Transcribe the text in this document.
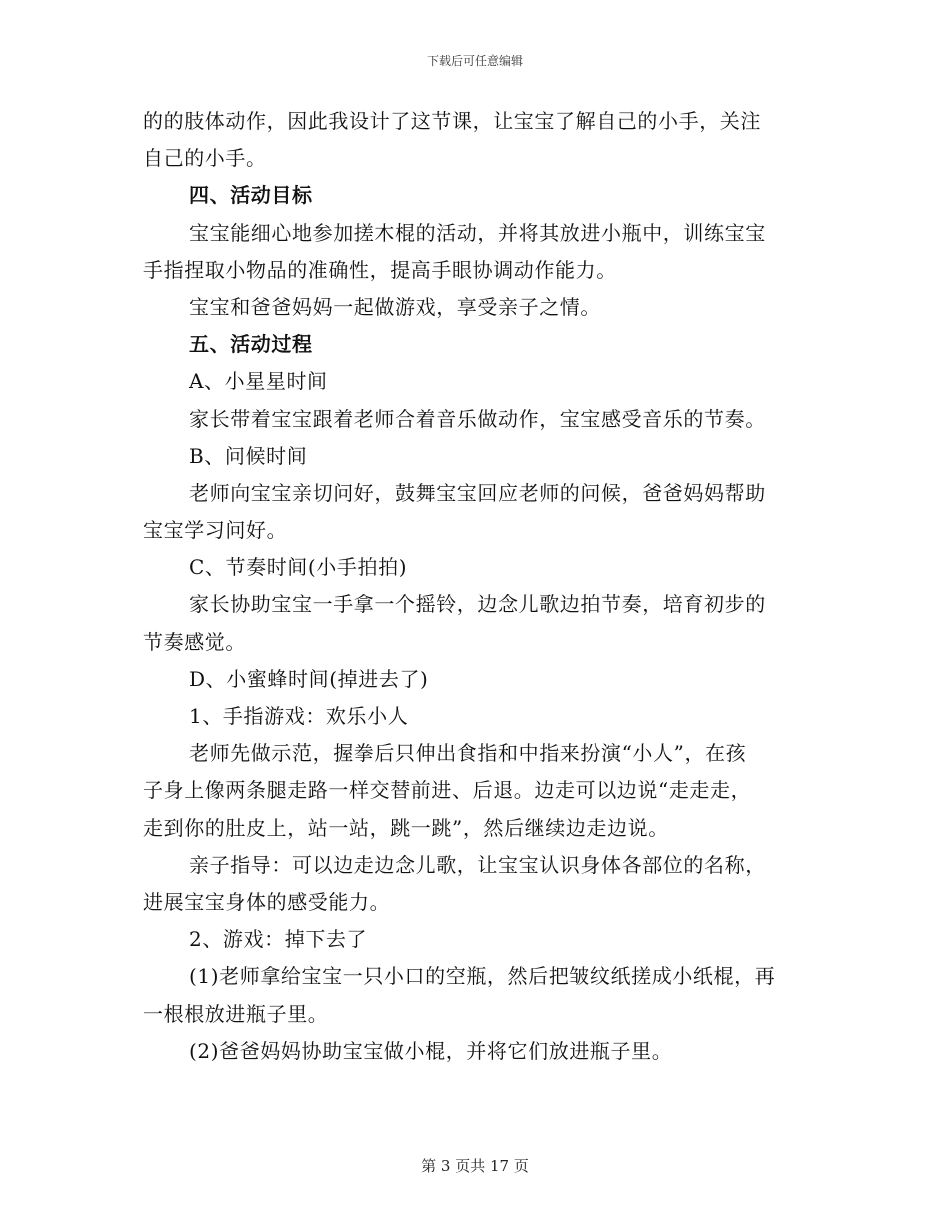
下载后可任意编辑
的的肢体动作，因此我设计了这节课，让宝宝了解自己的小手，关注
自己的小手。
四、活动目标
宝宝能细心地参加搓木棍的活动，并将其放进小瓶中，训练宝宝
手指捏取小物品的准确性，提高手眼协调动作能力。
宝宝和爸爸妈妈一起做游戏，享受亲子之情。
五、活动过程
A、小星星时间
家长带着宝宝跟着老师合着音乐做动作，宝宝感受音乐的节奏。
B、问候时间
老师向宝宝亲切问好，鼓舞宝宝回应老师的问候，爸爸妈妈帮助
宝宝学习问好。
C、节奏时间(小手拍拍)
家长协助宝宝一手拿一个摇铃，边念儿歌边拍节奏，培育初步的
节奏感觉。
D、小蜜蜂时间(掉进去了)
1、手指游戏：欢乐小人
老师先做示范，握拳后只伸出食指和中指来扮演“小人”，在孩
子身上像两条腿走路一样交替前进、后退。边走可以边说“走走走，
走到你的肚皮上，站一站，跳一跳”，然后继续边走边说。
亲子指导：可以边走边念儿歌，让宝宝认识身体各部位的名称，
进展宝宝身体的感受能力。
2、游戏：掉下去了
(1)老师拿给宝宝一只小口的空瓶，然后把皱纹纸搓成小纸棍，再
一根根放进瓶子里。
(2)爸爸妈妈协助宝宝做小棍，并将它们放进瓶子里。
第 3 页共 17 页
